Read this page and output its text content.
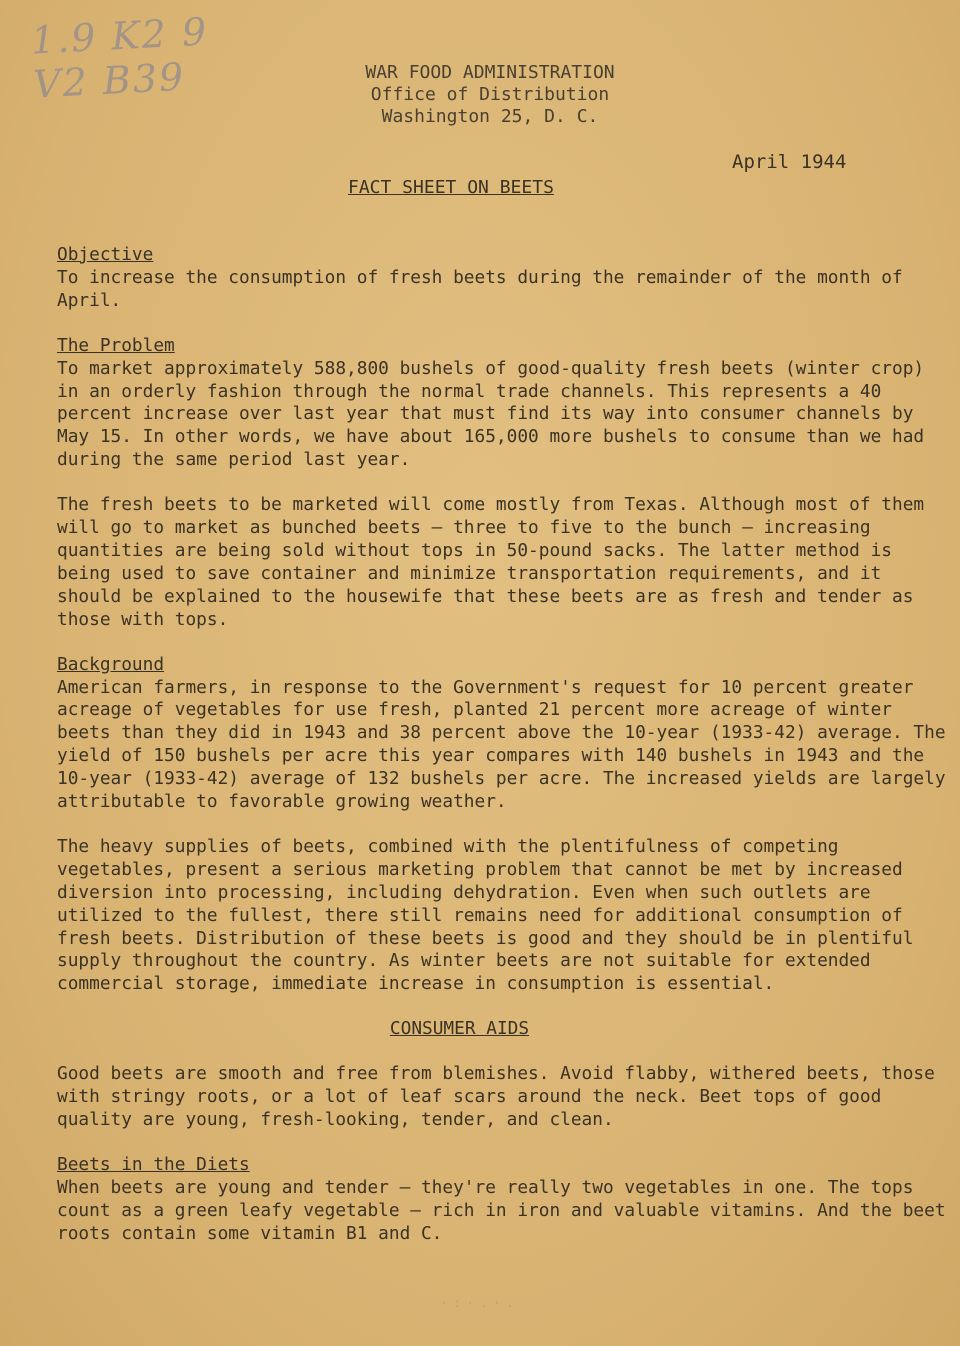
1.9 K2 9
V2 B39	WAR FOOD ADMINISTRATION
Office of Distribution
Washington 25, D. C.
April 1944
FACT SHEET ON BEETS

Objective

To increase the consumption of fresh beets during the remainder of the month of April.

The Problem

To market approximately 588,800 bushels of good-quality fresh beets (winter crop) in an orderly fashion through the normal trade channels. This represents a 40 percent increase over last year that must find its way into consumer channels by May 15. In other words, we have about 165,000 more bushels to consume than we had during the same period last year.

The fresh beets to be marketed will come mostly from Texas. Although most of them will go to market as bunched beets — three to five to the bunch — increasing quantities are being sold without tops in 50-pound sacks. The latter method is being used to save container and minimize transportation requirements, and it should be explained to the housewife that these beets are as fresh and tender as those with tops.

Background

American farmers, in response to the Government's request for 10 percent greater acreage of vegetables for use fresh, planted 21 percent more acreage of winter beets than they did in 1943 and 38 percent above the 10-year (1933-42) average. The yield of 150 bushels per acre this year compares with 140 bushels in 1943 and the 10-year (1933-42) average of 132 bushels per acre. The increased yields are largely attributable to favorable growing weather.

The heavy supplies of beets, combined with the plentifulness of competing vegetables, present a serious marketing problem that cannot be met by increased diversion into processing, including dehydration. Even when such outlets are utilized to the fullest, there still remains need for additional consumption of fresh beets. Distribution of these beets is good and they should be in plentiful supply throughout the country. As winter beets are not suitable for extended commercial storage, immediate increase in consumption is essential.

CONSUMER AIDS

Good beets are smooth and free from blemishes. Avoid flabby, withered beets, those with stringy roots, or a lot of leaf scars around the neck. Beet tops of good quality are young, fresh-looking, tender, and clean.

Beets in the Diets

When beets are young and tender — they're really two vegetables in one. The tops count as a green leafy vegetable — rich in iron and valuable vitamins. And the beet roots contain some vitamin B1 and C.

·:·.·.
